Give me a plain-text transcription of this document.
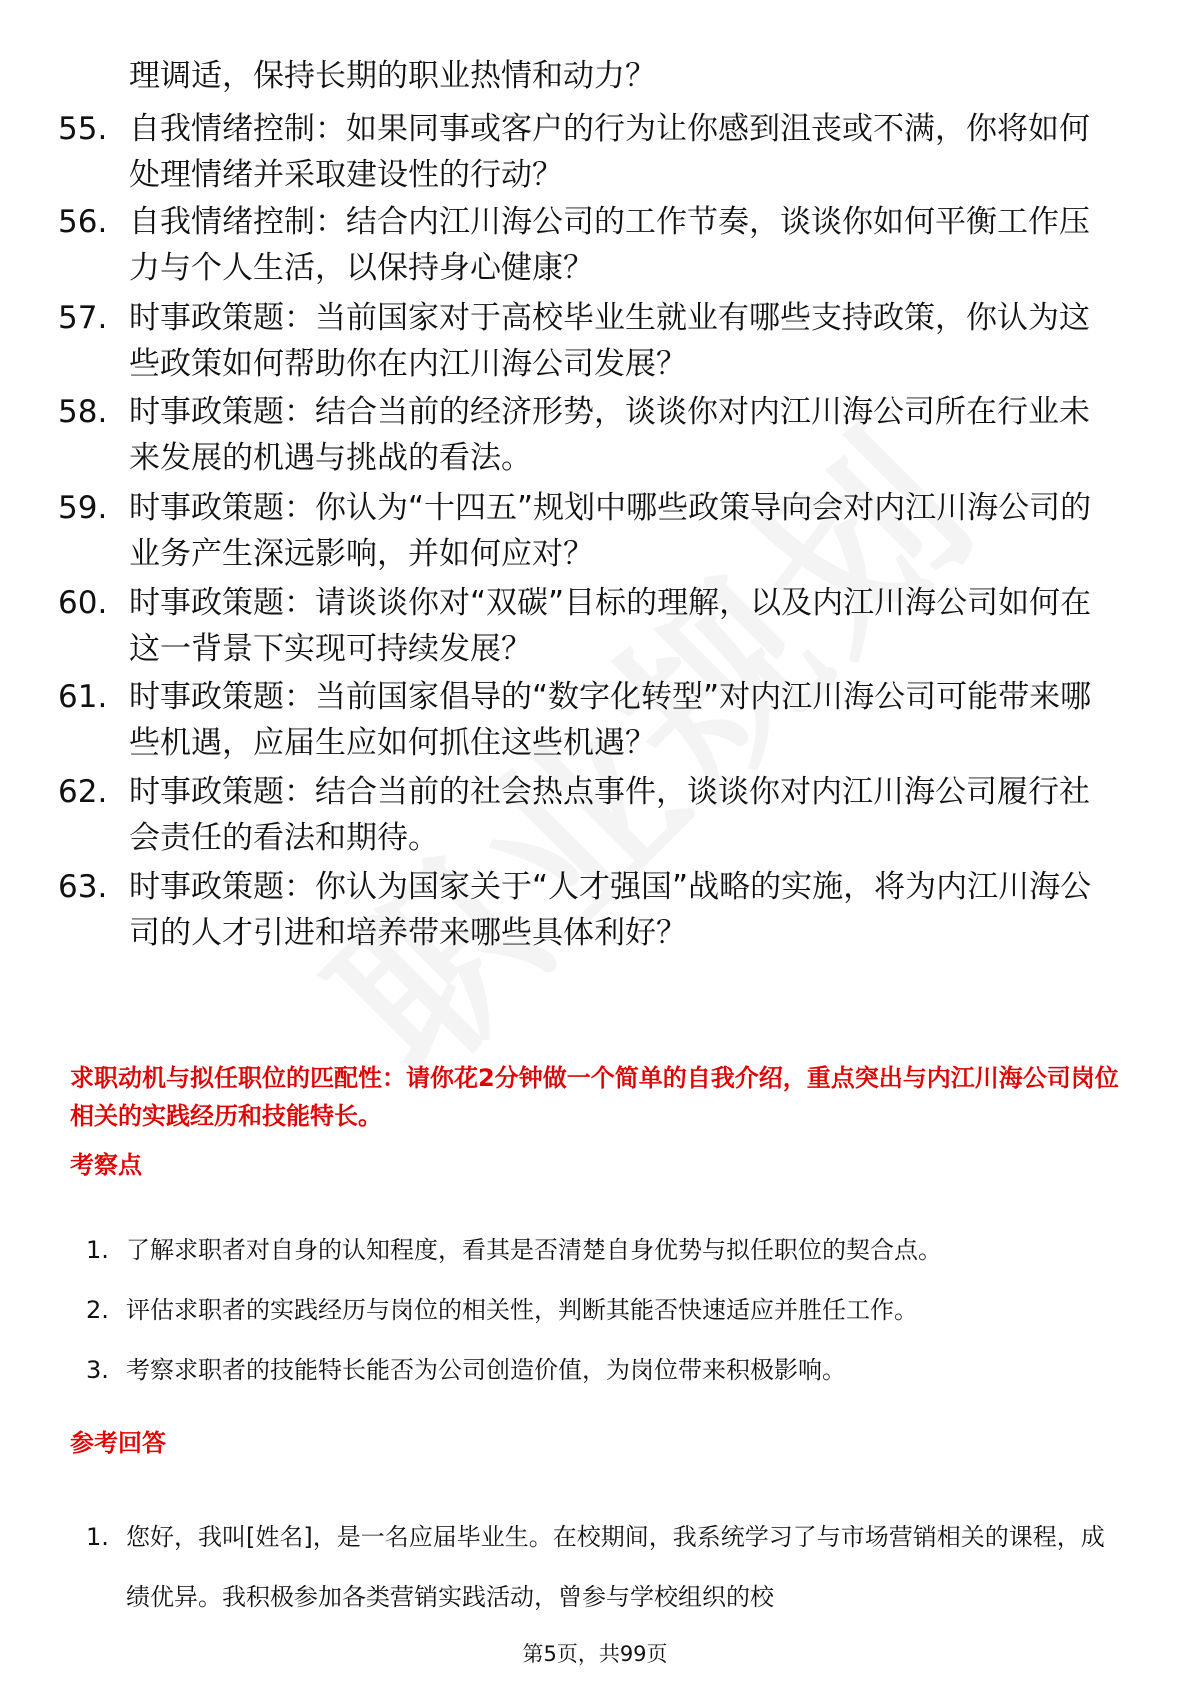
理调适，保持长期的职业热情和动力？
55. 自我情绪控制：如果同事或客户的行为让你感到沮丧或不满，你将如何处理情绪并采取建设性的行动？
56. 自我情绪控制：结合内江川海公司的工作节奏，谈谈你如何平衡工作压力与个人生活，以保持身心健康？
57. 时事政策题：当前国家对于高校毕业生就业有哪些支持政策，你认为这些政策如何帮助你在内江川海公司发展？
58. 时事政策题：结合当前的经济形势，谈谈你对内江川海公司所在行业未来发展的机遇与挑战的看法。
59. 时事政策题：你认为“十四五”规划中哪些政策导向会对内江川海公司的业务产生深远影响，并如何应对？
60. 时事政策题：请谈谈你对“双碳”目标的理解，以及内江川海公司如何在这一背景下实现可持续发展？
61. 时事政策题：当前国家倡导的“数字化转型”对内江川海公司可能带来哪些机遇，应届生应如何抓住这些机遇？
62. 时事政策题：结合当前的社会热点事件，谈谈你对内江川海公司履行社会责任的看法和期待。
63. 时事政策题：你认为国家关于“人才强国”战略的实施，将为内江川海公司的人才引进和培养带来哪些具体利好？
求职动机与拟任职位的匹配性：请你花2分钟做一个简单的自我介绍，重点突出与内江川海公司岗位相关的实践经历和技能特长。
考察点
1. 了解求职者对自身的认知程度，看其是否清楚自身优势与拟任职位的契合点。
2. 评估求职者的实践经历与岗位的相关性，判断其能否快速适应并胜任工作。
3. 考察求职者的技能特长能否为公司创造价值，为岗位带来积极影响。
参考回答
1. 您好，我叫[姓名]，是一名应届毕业生。在校期间，我系统学习了与市场营销相关的课程，成绩优异。我积极参加各类营销实践活动，曾参与学校组织的校
第5页，共99页
